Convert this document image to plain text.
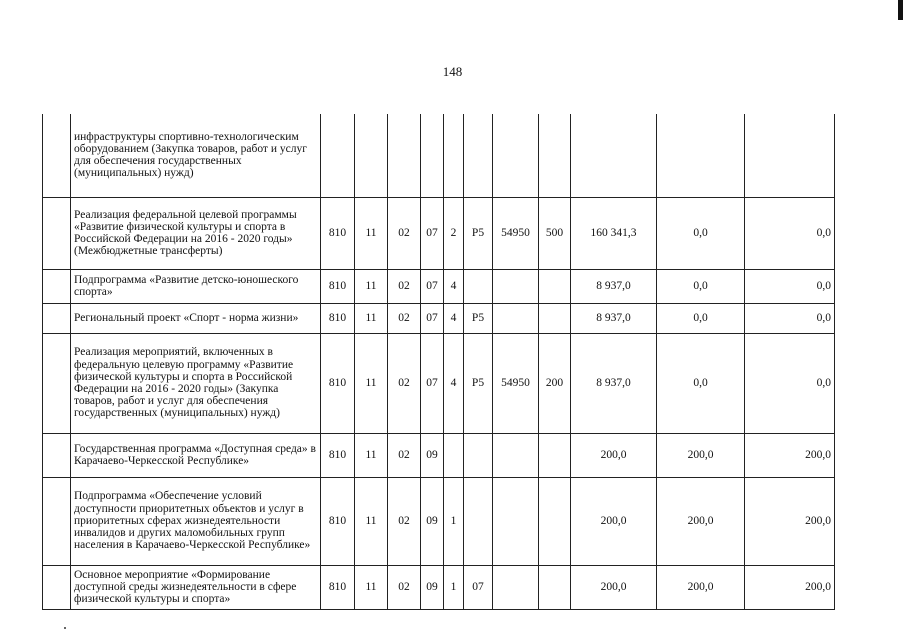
148
	инфраструктуры спортивно-технологическим оборудованием (Закупка товаров, работ и услуг для обеспечения государственных (муниципальных) нужд)											
	Реализация федеральной целевой программы «Развитие физической культуры и спорта в Российской Федерации на 2016 - 2020 годы» (Межбюджетные трансферты)	810	11	02	07	2	P5	54950	500	160 341,3	0,0	0,0
	Подпрограмма «Развитие детско-юношеского спорта»	810	11	02	07	4				8 937,0	0,0	0,0
	Региональный проект «Спорт - норма жизни»	810	11	02	07	4	P5			8 937,0	0,0	0,0
	Реализация мероприятий, включенных в федеральную целевую программу «Развитие физической культуры и спорта в Российской Федерации на 2016 - 2020 годы» (Закупка товаров, работ и услуг для обеспечения государственных (муниципальных) нужд)	810	11	02	07	4	P5	54950	200	8 937,0	0,0	0,0
	Государственная программа «Доступная среда» в Карачаево-Черкесской Республике»	810	11	02	09					200,0	200,0	200,0
	Подпрограмма «Обеспечение условий доступности приоритетных объектов и услуг в приоритетных сферах жизнедеятельности инвалидов и других маломобильных групп населения в Карачаево-Черкесской Республике»	810	11	02	09	1				200,0	200,0	200,0
	Основное мероприятие «Формирование доступной среды жизнедеятельности в сфере физической культуры и спорта»	810	11	02	09	1	07			200,0	200,0	200,0
